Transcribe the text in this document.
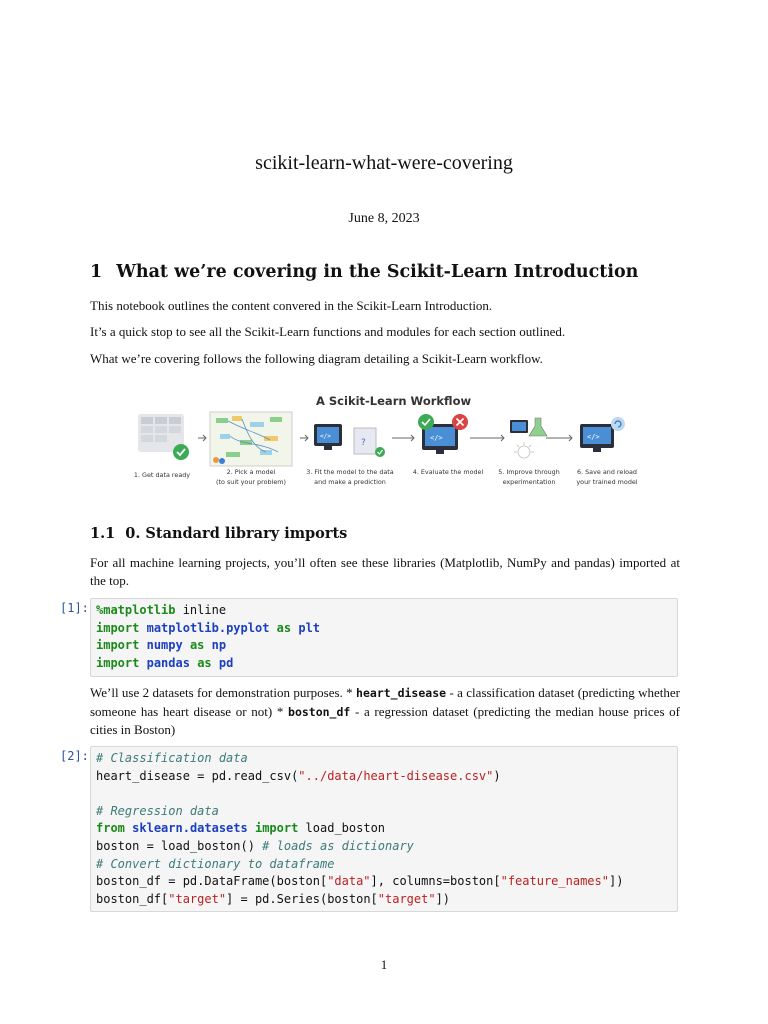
scikit-learn-what-were-covering
June 8, 2023
1 What we’re covering in the Scikit-Learn Introduction
This notebook outlines the content convered in the Scikit-Learn Introduction.
It’s a quick stop to see all the Scikit-Learn functions and modules for each section outlined.
What we’re covering follows the following diagram detailing a Scikit-Learn workflow.
</>
?	</>	</>
A Scikit-Learn Workflow
1. Get data ready	2. Pick a model
(to suit your problem)
3. Fit the model to the data
and make a prediction
4. Evaluate the model	5. Improve through
experimentation
6. Save and reload
your trained model
1.1 0. Standard library imports
For all machine learning projects, you’ll often see these libraries (Matplotlib, NumPy and pandas) imported at the top.
[1]: %matplotlib inline
import matplotlib.pyplot as plt
import numpy as np
import pandas as pd
We’ll use 2 datasets for demonstration purposes. * heart_disease - a classification dataset (predicting whether someone has heart disease or not) * boston_df - a regression dataset (predicting the median house prices of cities in Boston)
[2]: # Classification data
heart_disease = pd.read_csv("../data/heart-disease.csv")
# Regression data
from sklearn.datasets import load_boston
boston = load_boston() # loads as dictionary
# Convert dictionary to dataframe
boston_df = pd.DataFrame(boston["data"], columns=boston["feature_names"])
boston_df["target"] = pd.Series(boston["target"])
1
